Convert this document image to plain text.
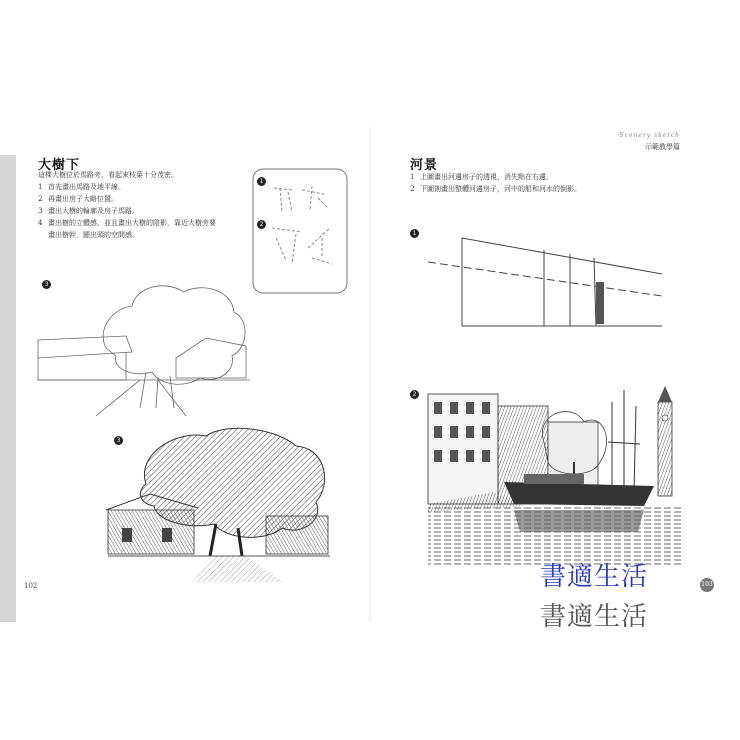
大樹下
這棵大樹位於馬路旁，看起來枝葉十分茂密。
1 首先畫出馬路及地平線。
2 再畫出房子大略位置。
3 畫出大樹的輪廓及房子馬路。
4 畫出樹的立體感，並且畫出大樹的陰影，靠近大樹旁要
畫出樹幹，顯出頭的空間感。
1
2
3
3
102
Scenery sketch
示範教學篇
河景
1 上圖畫出河邊房子的透視，消失點在右邊。
2 下圖則畫出整體河邊房子，河中的船和河水的倒影。
1
2
103
書適生活
書適生活
